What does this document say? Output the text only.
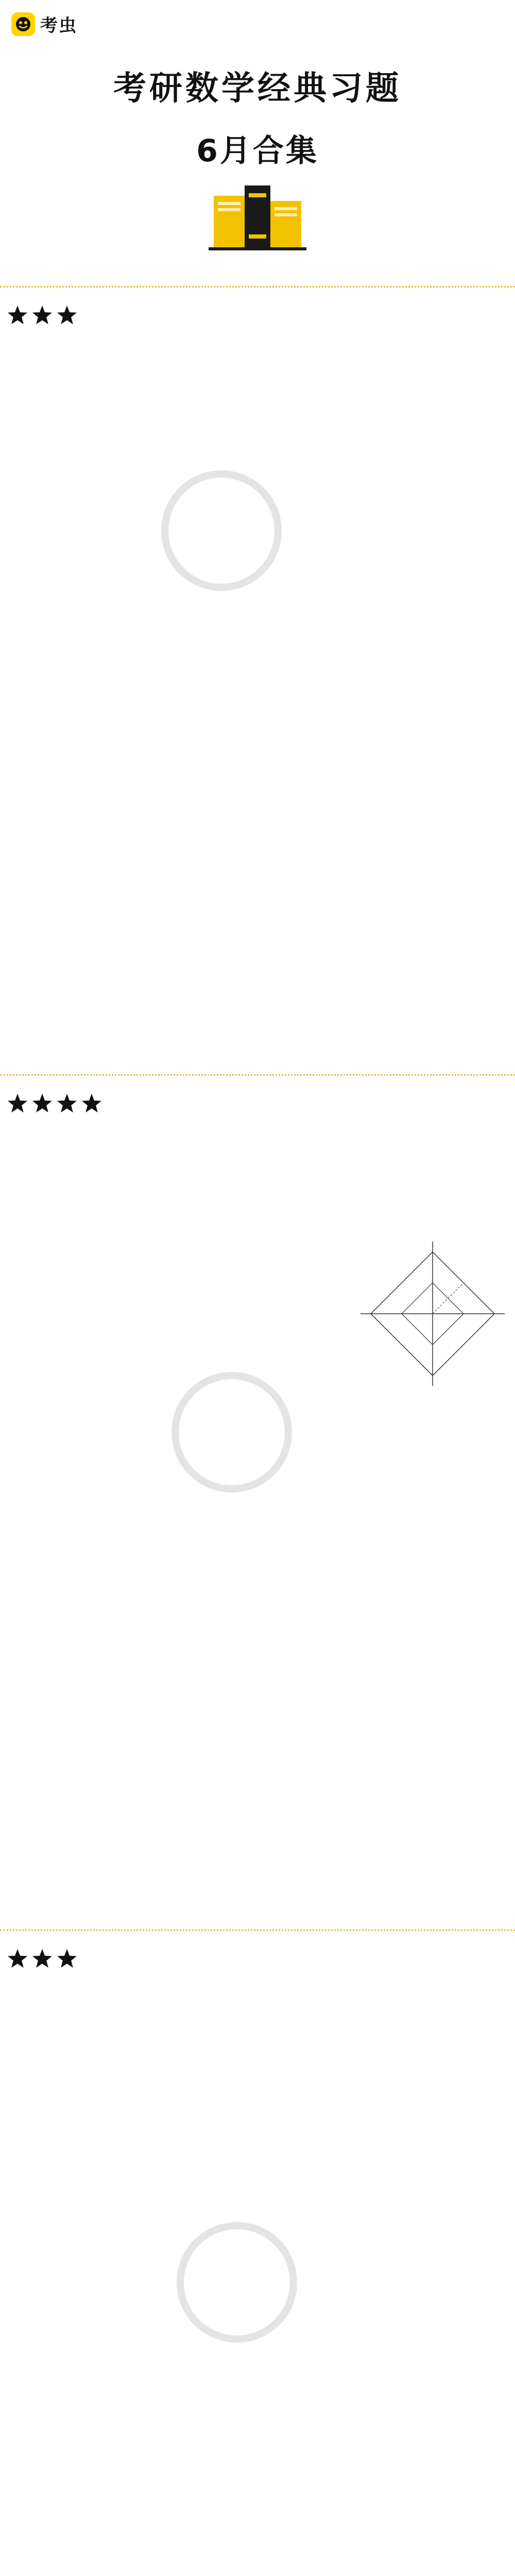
考虫
考研数学经典习题
6月合集
